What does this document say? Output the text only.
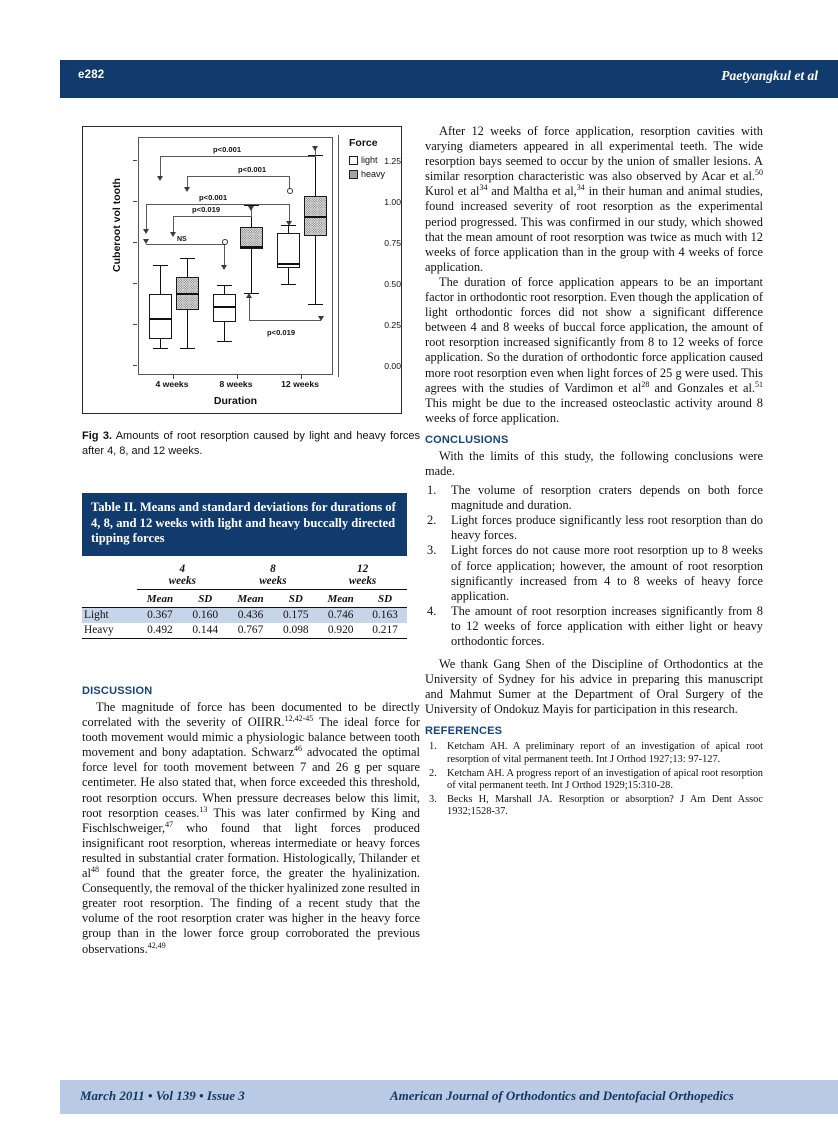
e282	Paetyangkul et al
Cuberoot vol tooth
0.00
0.25
0.50
0.75
1.00
1.25
p<0.001
p<0.001
p<0.001
p<0.019
NS
p<0.019
4 weeks	8 weeks	12 weeks
Duration
Force
light
heavy
Fig 3. Amounts of root resorption caused by light and heavy forces after 4, 8, and 12 weeks.
Table II. Means and standard deviations for durations of 4, 8, and 12 weeks with light and heavy buccally directed tipping forces
	4 weeks		8 weeks		12 weeks	
	Mean	SD	Mean	SD	Mean	SD
Light	0.367	0.160	0.436	0.175	0.746	0.163
Heavy	0.492	0.144	0.767	0.098	0.920	0.217
DISCUSSION

The magnitude of force has been documented to be directly correlated with the severity of OIIRR.$^{12,42-45}$ The ideal force for tooth movement would mimic a physiologic balance between tooth movement and bony adaptation. Schwarz$^{46}$ advocated the optimal force level for tooth movement between 7 and 26 g per square centimeter. He also stated that, when force exceeded this threshold, root resorption occurs. When pressure decreases below this limit, root resorption ceases.$^{13}$ This was later confirmed by King and Fischlschweiger,$^{47}$ who found that light forces produced insignificant root resorption, whereas intermediate or heavy forces resulted in substantial crater formation. Histologically, Thilander et $al^{48}$ found that the greater force, the greater the hyalinization. Consequently, the removal of the thicker hyalinized zone resulted in greater root resorption. The finding of a recent study that the volume of the root resorption crater was higher in the heavy force group than in the lower force group corroborated the previous observations.$^{42,49}$

After 12 weeks of force application, resorption cavities with varying diameters appeared in all experimental teeth. The wide resorption bays seemed to occur by the union of smaller lesions. A similar resorption characteristic was also observed by Acar et al.$^{50}$ Kurol et $al^{34}$ and Maltha et al,$^{34}$ in their human and animal studies, found increased severity of root resorption as the experimental period progressed. This was confirmed in our study, which showed that the mean amount of root resorption was twice as much with 12 weeks of force application than in the group with 4 weeks of force application.

The duration of force application appears to be an important factor in orthodontic root resorption. Even though the application of light orthodontic forces did not show a significant difference between 4 and 8 weeks of buccal force application, the amount of root resorption increased significantly from 8 to 12 weeks of force application. So the duration of orthodontic force application caused more root resorption even when light forces of 25 g were used. This agrees with the studies of Vardimon et $al^{28}$ and Gonzales et al.$^{51}$ This might be due to the increased osteoclastic activity around 8 weeks of force application.

CONCLUSIONS

With the limits of this study, the following conclusions were made.

1. The volume of resorption craters depends on both force magnitude and duration.
2. Light forces produce significantly less root resorption than do heavy forces.
3. Light forces do not cause more root resorption up to 8 weeks of force application; however, the amount of root resorption significantly increased from 4 to 8 weeks of heavy force application.
4. The amount of root resorption increases significantly from 8 to 12 weeks of force application with either light or heavy orthodontic forces.

We thank Gang Shen of the Discipline of Orthodontics at the University of Sydney for his advice in preparing this manuscript and Mahmut Sumer at the Department of Oral Surgery of the University of Ondokuz Mayis for participation in this research.

REFERENCES
1. Ketcham AH. A preliminary report of an investigation of apical root resorption of vital permanent teeth. Int J Orthod 1927;13: 97-127.
2. Ketcham AH. A progress report of an investigation of apical root resorption of vital permanent teeth. Int J Orthod 1929;15:310-28.
3. Becks H, Marshall JA. Resorption or absorption? J Am Dent Assoc 1932;1528-37.
March 2011 • Vol 139 • Issue 3	American Journal of Orthodontics and Dentofacial Orthopedics
